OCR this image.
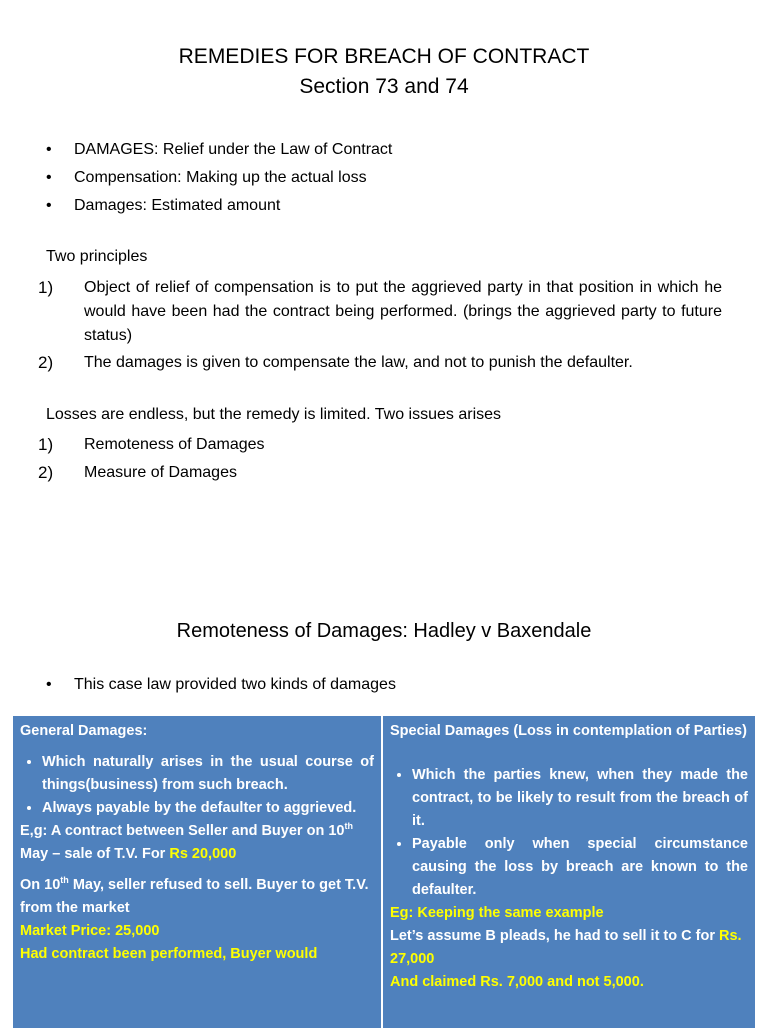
REMEDIES FOR BREACH OF CONTRACT
Section 73 and 74
• DAMAGES: Relief under the Law of Contract
• Compensation: Making up the actual loss
• Damages: Estimated amount
Two principles
1) Object of relief of compensation is to put the aggrieved party in that position in which he would have been had the contract being performed. (brings the aggrieved party to future status)
2) The damages is given to compensate the law, and not to punish the defaulter.
Losses are endless, but the remedy is limited. Two issues arises
1) Remoteness of Damages
2) Measure of Damages
Remoteness of Damages: Hadley v Baxendale
• This case law provided two kinds of damages
General Damages:
• Which naturally arises in the usual course of things(business) from such breach.
• Always payable by the defaulter to aggrieved.
E,g: A contract between Seller and Buyer on 10th May – sale of T.V. For Rs 20,000
On 10th May, seller refused to sell. Buyer to get T.V. from the market
Market Price: 25,000
Had contract been performed, Buyer would
Special Damages (Loss in contemplation of Parties)
• Which the parties knew, when they made the contract, to be likely to result from the breach of it.
• Payable only when special circumstance causing the loss by breach are known to the defaulter.
Eg: Keeping the same example
Let’s assume B pleads, he had to sell it to C for Rs. 27,000
And claimed Rs. 7,000 and not 5,000.
